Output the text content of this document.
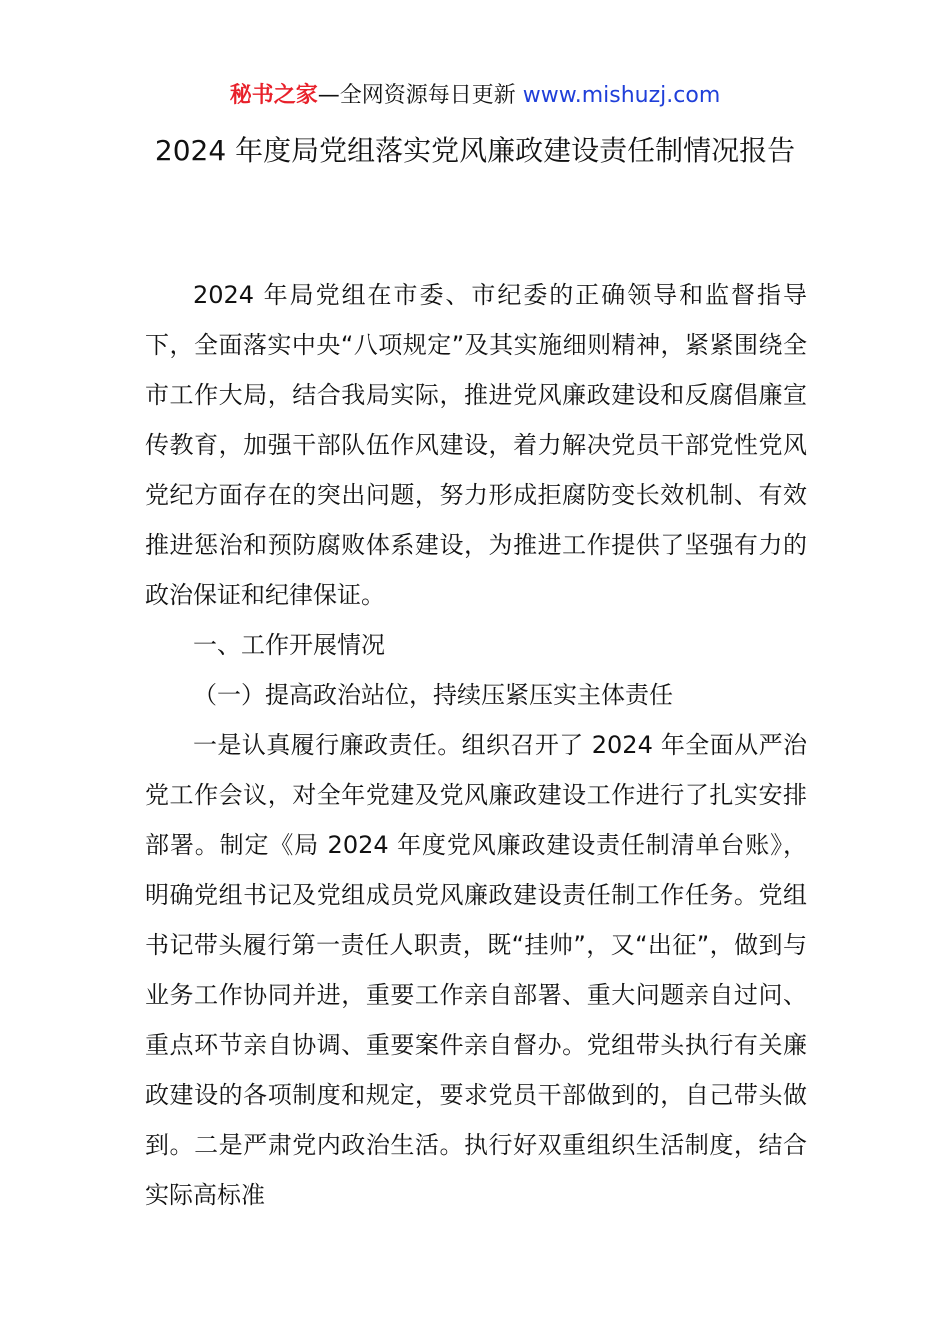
秘书之家—全网资源每日更新 www.mishuzj.com
2024 年度局党组落实党风廉政建设责任制情况报告

2024 年局党组在市委、市纪委的正确领导和监督指导下，全面落实中央“八项规定”及其实施细则精神，紧紧围绕全市工作大局，结合我局实际，推进党风廉政建设和反腐倡廉宣传教育，加强干部队伍作风建设，着力解决党员干部党性党风党纪方面存在的突出问题，努力形成拒腐防变长效机制、有效推进惩治和预防腐败体系建设，为推进工作提供了坚强有力的政治保证和纪律保证。

一、工作开展情况

（一）提高政治站位，持续压紧压实主体责任

一是认真履行廉政责任。组织召开了 2024 年全面从严治党工作会议，对全年党建及党风廉政建设工作进行了扎实安排部署。制定《局 2024 年度党风廉政建设责任制清单台账》，明确党组书记及党组成员党风廉政建设责任制工作任务。党组书记带头履行第一责任人职责，既“挂帅”，又“出征”，做到与业务工作协同并进，重要工作亲自部署、重大问题亲自过问、重点环节亲自协调、重要案件亲自督办。党组带头执行有关廉政建设的各项制度和规定，要求党员干部做到的，自己带头做到。二是严肃党内政治生活。执行好双重组织生活制度，结合实际高标准
